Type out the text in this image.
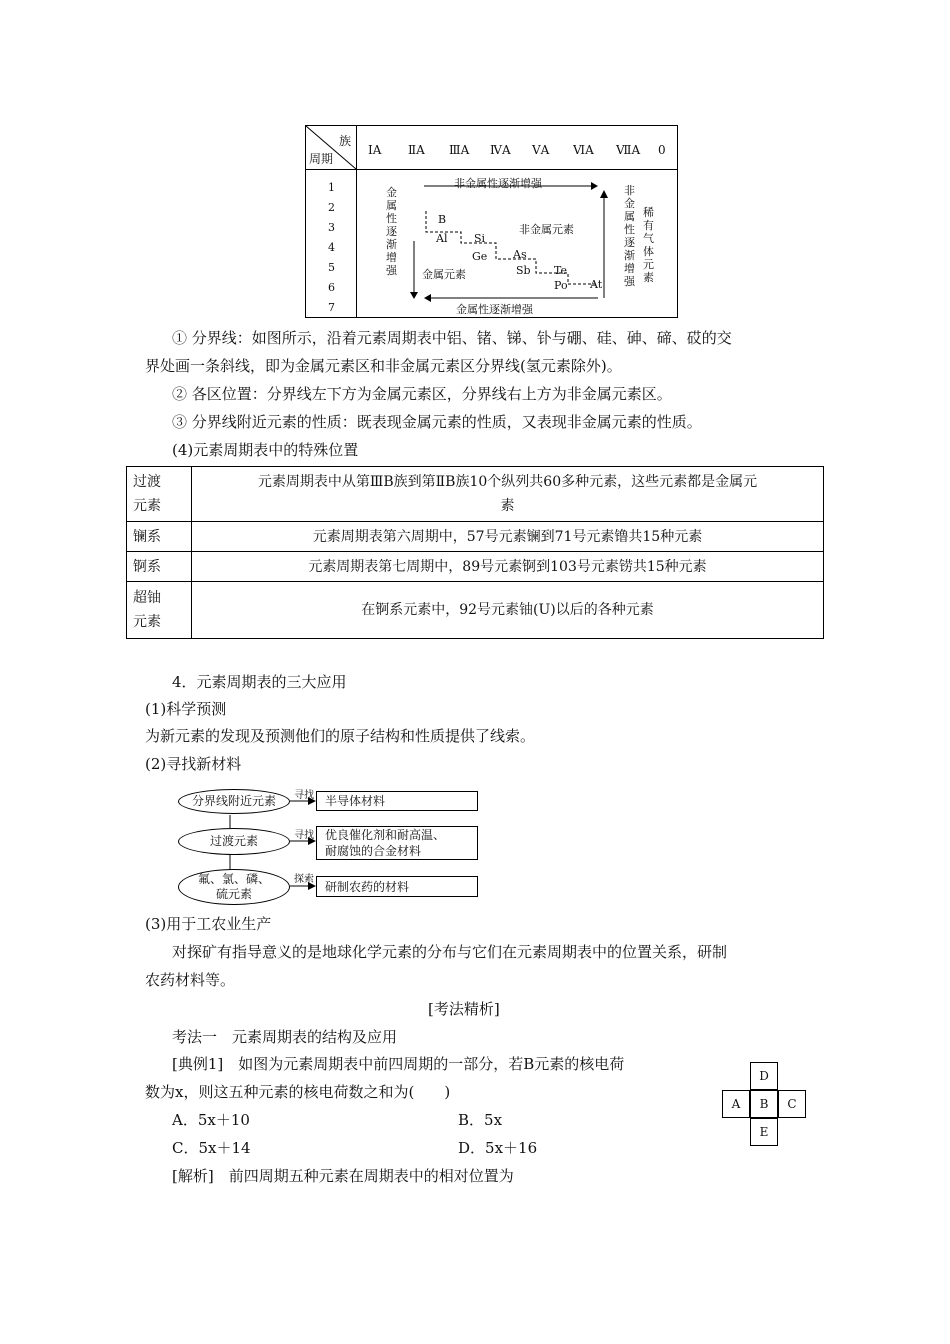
族
周期
ⅠA ⅡA ⅢA ⅣA ⅤA ⅥA ⅦA 0
1
2
3
4
5
6
7
非金属性逐渐增强
金属性逐渐增强
金属性逐渐增强
非金属性逐渐增强
稀有气体元素
非金属元素
金属元素
B
Al Si
Ge As
Sb Te
Po At
① 分界线：如图所示，沿着元素周期表中铝、锗、锑、钋与硼、硅、砷、碲、砹的交
界处画一条斜线，即为金属元素区和非金属元素区分界线(氢元素除外)。
② 各区位置：分界线左下方为金属元素区，分界线右上方为非金属元素区。
③ 分界线附近元素的性质：既表现金属元素的性质，又表现非金属元素的性质。
(4)元素周期表中的特殊位置
过渡
元素	元素周期表中从第ⅢB族到第ⅡB族10个纵列共60多种元素，这些元素都是金属元
素
镧系	元素周期表第六周期中，57号元素镧到71号元素镥共15种元素
锕系	元素周期表第七周期中，89号元素锕到103号元素铹共15种元素
超铀
元素	在锕系元素中，92号元素铀(U)以后的各种元素
4．元素周期表的三大应用
(1)科学预测
为新元素的发现及预测他们的原子结构和性质提供了线索。
(2)寻找新材料
分界线附近元素
过渡元素
氟、氯、磷、
硫元素
寻找
寻找
探索
半导体材料
优良催化剂和耐高温、
耐腐蚀的合金材料
研制农药的材料
(3)用于工农业生产
对探矿有指导意义的是地球化学元素的分布与它们在元素周期表中的位置关系，研制
农药材料等。
[考法精析]
考法一　元素周期表的结构及应用
[典例1]　如图为元素周期表中前四周期的一部分，若B元素的核电荷
数为x，则这五种元素的核电荷数之和为(　　)
A．5x＋10	B．5x
C．5x＋14	D．5x＋16
[解析]　前四周期五种元素在周期表中的相对位置为
D
A	B	C
E
